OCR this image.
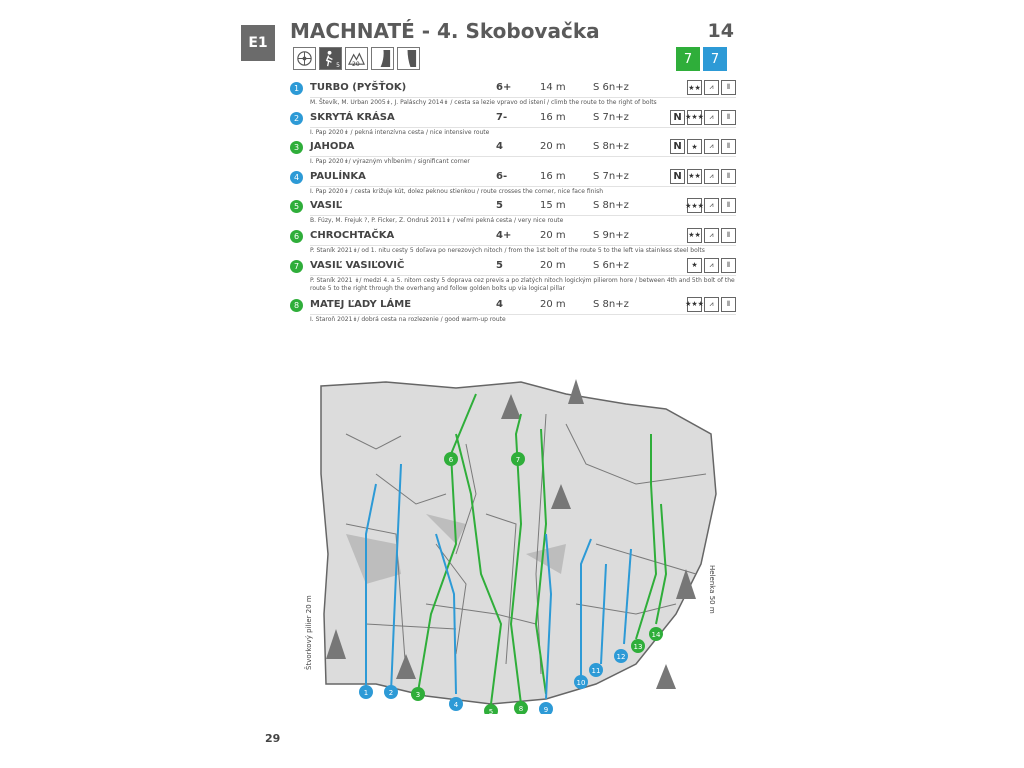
E1 MACHNATÉ - 4. Skobovačka	14
5 20	7	7
1	TURBO (PYŠŤOK)	6+	14 m	S 6n+z	★★	⩘	⫴
M. Števík, M. Urban 2005↡, J. Paláschy 2014↡ / cesta sa lezie vpravo od istení / climb the route to the right of bolts
2	SKRYTÁ KRÁSA	7-	16 m	S 7n+z	N ★★★ ⩘	⫴
I. Pap 2020↡ / pekná intenzívna cesta / nice intensive route
3	JAHODA	4	20 m	S 8n+z	N	★	⩘	⫴
I. Pap 2020↡/ výrazným vhĺbením / significant corner
4	PAULÍNKA	6-	16 m	S 7n+z	N ★★	⩘	⫴
I. Pap 2020↡ / cesta križuje kút, dolez peknou stienkou / route crosses the corner, nice face finish
5	VASIĽ	5	15 m	S 8n+z	★★★ ⩘	⫴
B. Fúzy, M. Frejuk ?, P. Ficker, Z. Ondruš 2011↡ / veľmi pekná cesta / very nice route
6	CHROCHTAČKA	4+	20 m	S 9n+z	★★	⩘	⫴
P. Staník 2021↡/ od 1. nitu cesty 5 doľava po nerezových nitoch / from the 1st bolt of the route 5 to the left via stainless steel bolts
7	VASIĽ VASIĽOVIČ	5	20 m	S 6n+z	★	⩘	⫴
P. Staník 2021 ↡/ medzi 4. a 5. nitom cesty 5 doprava cez previs a po zlatých nitoch logickým pilierom hore / between 4th and 5th bolt of the route 5 to the right through the overhang and follow golden bolts up via logical pillar
8	MATEJ ĽADY LÁME	4	20 m	S 8n+z	★★★ ⩘	⫴
I. Staroň 2021↡/ dobrá cesta na rozlezenie / good warm-up route
1	2	3
4
5	8	9
10
11
12
13
14
6	7
Štvorkový pilier 20 m
Helenka 50 m
29
